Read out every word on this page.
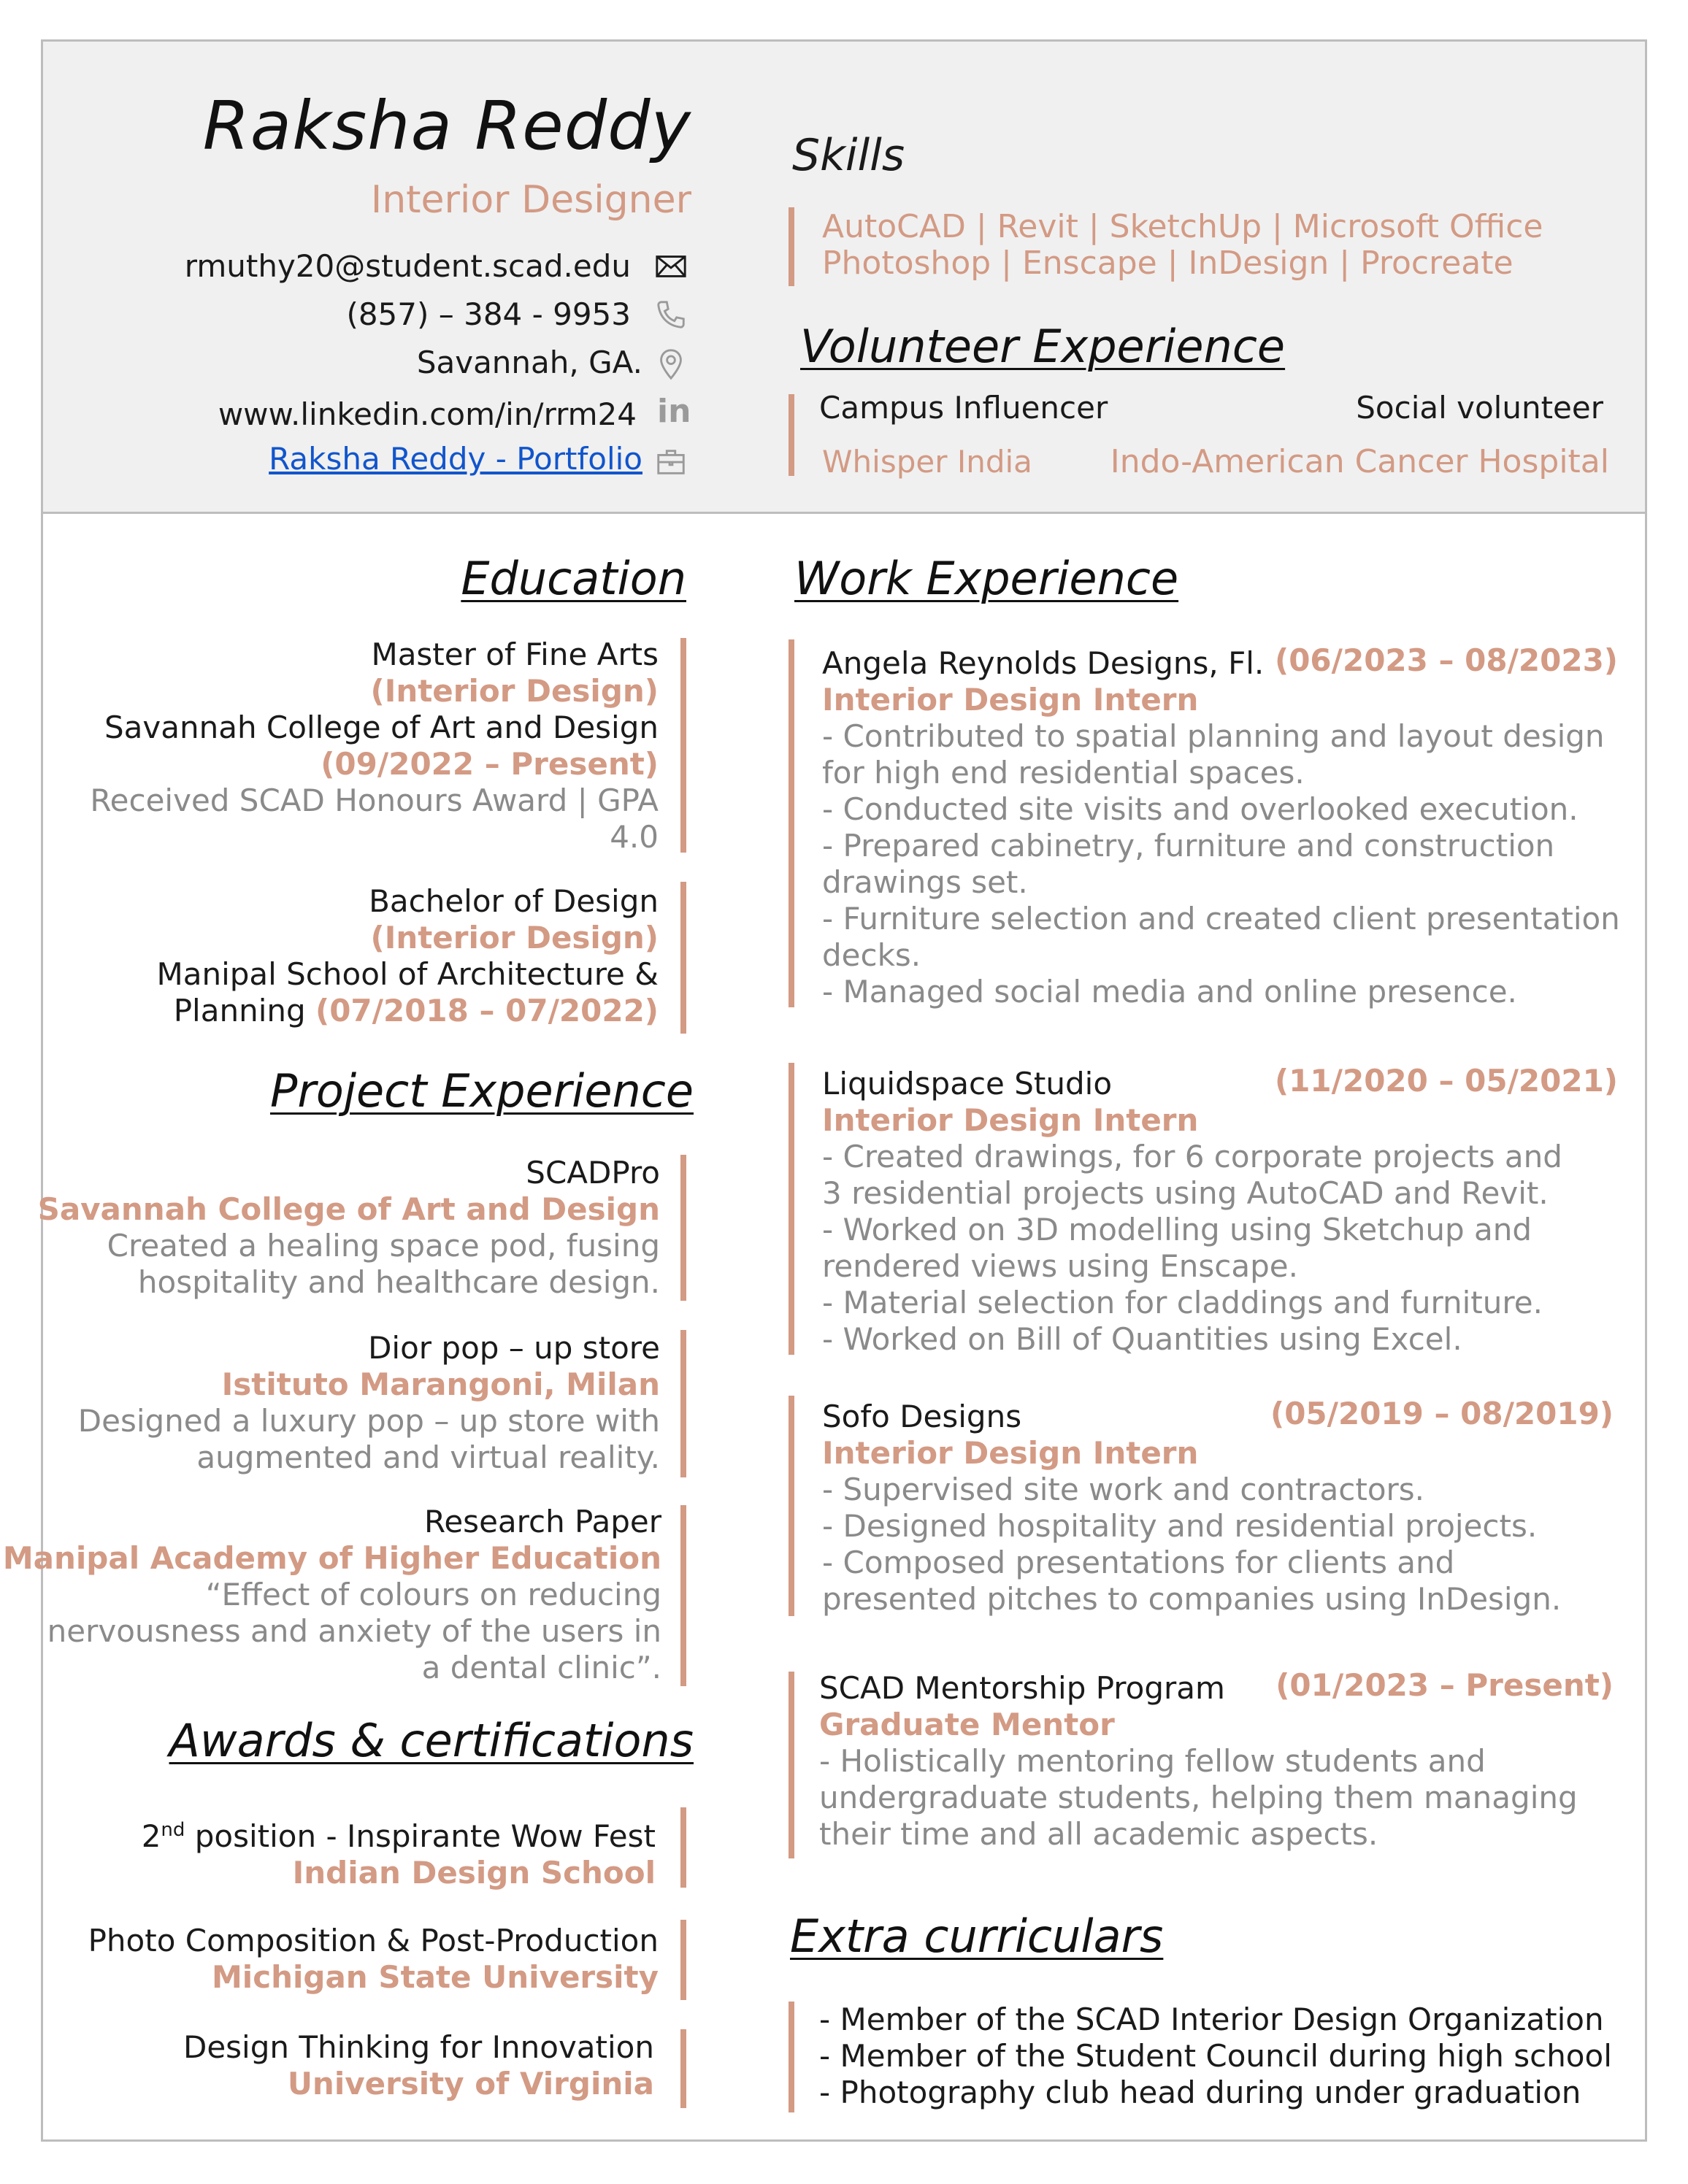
Raksha Reddy
Interior Designer
rmuthy20@student.scad.edu
(857) – 384 - 9953
Savannah, GA.
www.linkedin.com/in/rrm24 in
Raksha Reddy - Portfolio
Skills
AutoCAD | Revit | SketchUp | Microsoft Office
Photoshop | Enscape | InDesign | Procreate
Volunteer Experience
Campus Influencer
Whisper India
Social volunteer
Indo-American Cancer Hospital
Education
Master of Fine Arts
(Interior Design)
Savannah College of Art and Design
(09/2022 – Present)
Received SCAD Honours Award | GPA
4.0
Bachelor of Design
(Interior Design)
Manipal School of Architecture &
Planning (07/2018 – 07/2022)
Project Experience
SCADPro
Savannah College of Art and Design
Created a healing space pod, fusing
hospitality and healthcare design.
Dior pop – up store
Istituto Marangoni, Milan
Designed a luxury pop – up store with
augmented and virtual reality.
Research Paper
Manipal Academy of Higher Education
“Effect of colours on reducing
nervousness and anxiety of the users in
a dental clinic”.
Awards & certifications
2nd position - Inspirante Wow Fest
Indian Design School
Photo Composition & Post-Production
Michigan State University
Design Thinking for Innovation
University of Virginia
Work Experience
Angela Reynolds Designs, Fl. (06/2023 – 08/2023)
Interior Design Intern
- Contributed to spatial planning and layout design
for high end residential spaces.
- Conducted site visits and overlooked execution.
- Prepared cabinetry, furniture and construction
drawings set.
- Furniture selection and created client presentation
decks.
- Managed social media and online presence.
Liquidspace Studio	(11/2020 – 05/2021)
Interior Design Intern
- Created drawings, for 6 corporate projects and
3 residential projects using AutoCAD and Revit.
- Worked on 3D modelling using Sketchup and
rendered views using Enscape.
- Material selection for claddings and furniture.
- Worked on Bill of Quantities using Excel.
Sofo Designs	(05/2019 – 08/2019)
Interior Design Intern
- Supervised site work and contractors.
- Designed hospitality and residential projects.
- Composed presentations for clients and
presented pitches to companies using InDesign.
SCAD Mentorship Program (01/2023 – Present)
Graduate Mentor
- Holistically mentoring fellow students and
undergraduate students, helping them managing
their time and all academic aspects.
Extra curriculars
- Member of the SCAD Interior Design Organization
- Member of the Student Council during high school
- Photography club head during under graduation
